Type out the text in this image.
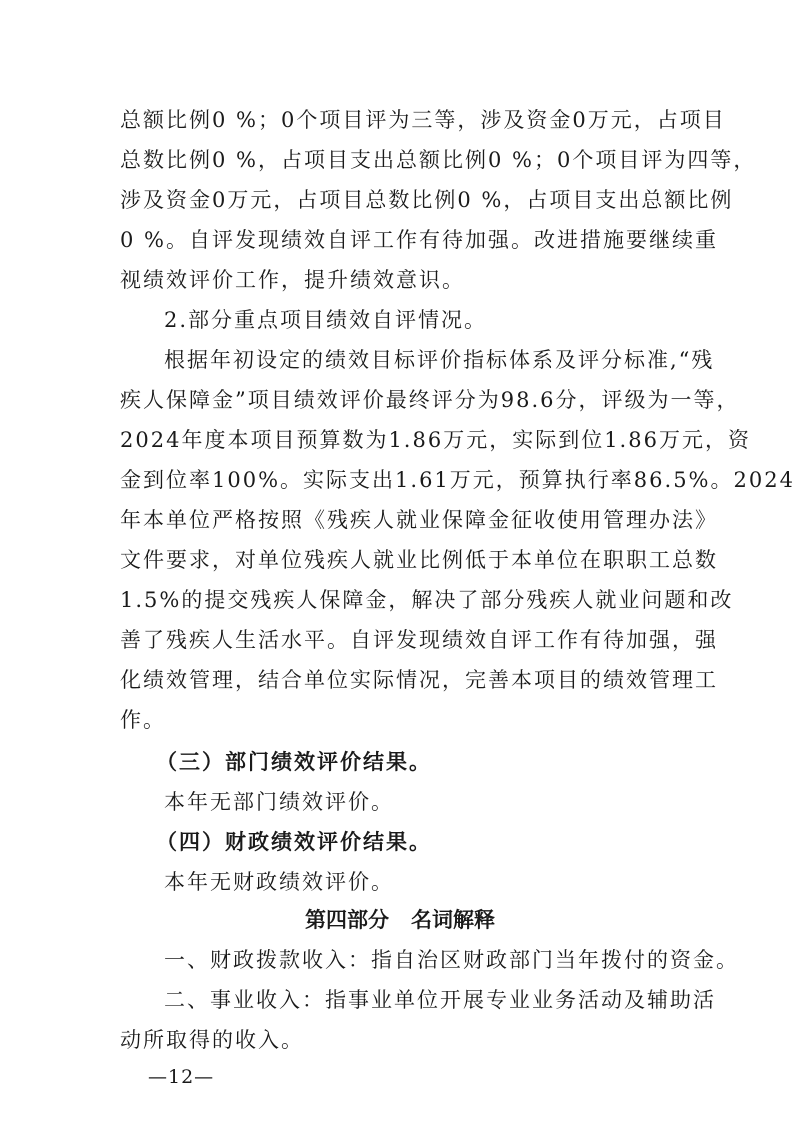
总额比例0 %；0个项目评为三等，涉及资金0万元，占项目
总数比例0 %，占项目支出总额比例0 %；0个项目评为四等，
涉及资金0万元，占项目总数比例0 %，占项目支出总额比例
0 %。自评发现绩效自评工作有待加强。改进措施要继续重
视绩效评价工作，提升绩效意识。
2.部分重点项目绩效自评情况。
根据年初设定的绩效目标评价指标体系及评分标准,“残
疾人保障金”项目绩效评价最终评分为98.6分，评级为一等，
2024年度本项目预算数为1.86万元，实际到位1.86万元，资
金到位率100%。实际支出1.61万元，预算执行率86.5%。2024
年本单位严格按照《残疾人就业保障金征收使用管理办法》
文件要求，对单位残疾人就业比例低于本单位在职职工总数
1.5%的提交残疾人保障金，解决了部分残疾人就业问题和改
善了残疾人生活水平。自评发现绩效自评工作有待加强，强
化绩效管理，结合单位实际情况，完善本项目的绩效管理工
作。
（三）部门绩效评价结果。
本年无部门绩效评价。
（四）财政绩效评价结果。
本年无财政绩效评价。
第四部分   名词解释
一、财政拨款收入：指自治区财政部门当年拨付的资金。
二、事业收入：指事业单位开展专业业务活动及辅助活
动所取得的收入。
—12—
